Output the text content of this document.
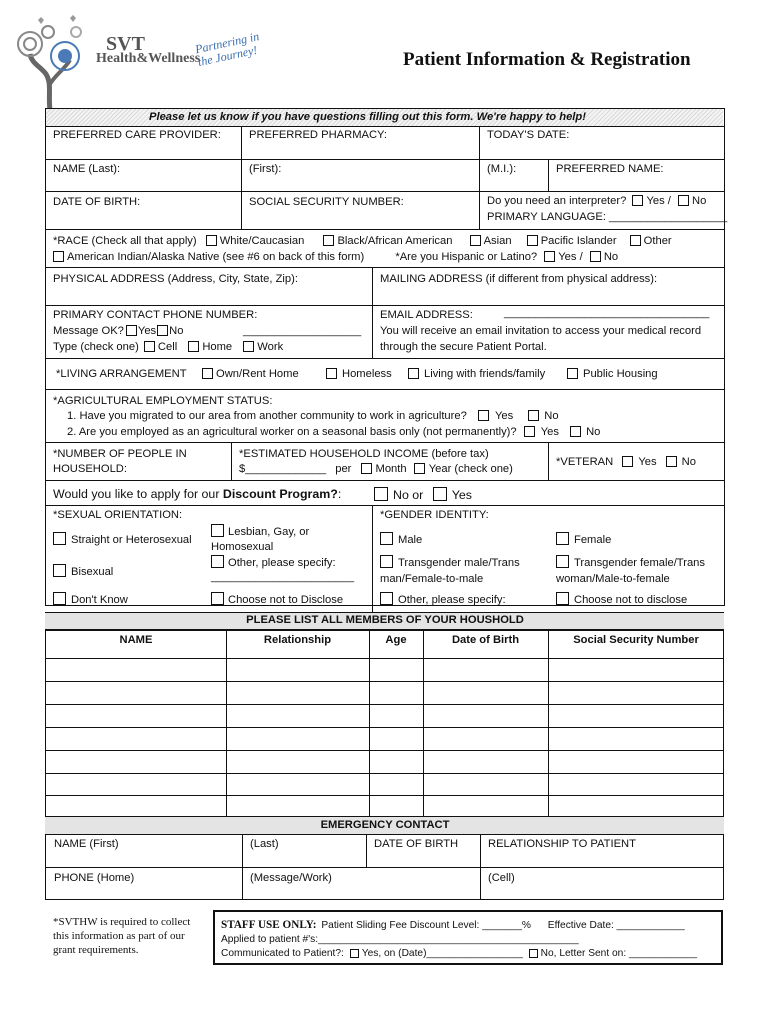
SVT
Health&Wellness
Partnering in the Journey!	Patient Information & Registration
Please let us know if you have questions filling out this form. We're happy to help!
PREFERRED CARE PROVIDER:	PREFERRED PHARMACY:	TODAY'S DATE:
NAME (Last):	(First):	(M.I.):	PREFERRED NAME:
DATE OF BIRTH:	SOCIAL SECURITY NUMBER:	Do you need an interpreter? Yes / No
PRIMARY LANGUAGE: ___________________
*RACE (Check all that apply) White/Caucasian	Black/African American	Asian	Pacific Islander Other
American Indian/Alaska Native (see #6 on back of this form)	*Are you Hispanic or Latino? Yes / No
PHYSICAL ADDRESS (Address, City, State, Zip):	MAILING ADDRESS (if different from physical address):
PRIMARY CONTACT PHONE NUMBER:
___________________
Message OK? Yes No
Type (check one) Cell Home Work
EMAIL ADDRESS:	_________________________________
You will receive an email invitation to access your medical record
through the secure Patient Portal.
*LIVING ARRANGEMENT	Own/Rent Home	Homeless	Living with friends/family	Public Housing
*AGRICULTURAL EMPLOYMENT STATUS:
1. Have you migrated to our area from another community to work in agriculture?	Yes	No
2. Are you employed as an agricultural worker on a seasonal basis only (not permanently)? Yes No
*NUMBER OF PEOPLE IN
HOUSEHOLD:
*ESTIMATED HOUSEHOLD INCOME (before tax)
$_____________ per Month Year (check one)
*VETERAN Yes No
Would you like to apply for our Discount Program?:	No or Yes
*SEXUAL ORIENTATION:
Straight or Heterosexual
Lesbian, Gay, or
Homosexual
Other, please specify:
_______________________
Bisexual
Don't Know	Choose not to Disclose
*GENDER IDENTITY:
Male	Female
Transgender male/Trans
man/Female-to-male
Transgender female/Trans
woman/Male-to-female
Other, please specify:	Choose not to disclose
PLEASE LIST ALL MEMBERS OF YOUR HOUSHOLD
NAME	Relationship	Age	Date of Birth	Social Security Number
EMERGENCY CONTACT
NAME (First)	(Last)	DATE OF BIRTH	RELATIONSHIP TO PATIENT
PHONE (Home)	(Message/Work)	(Cell)
*SVTHW is required to collect
this information as part of our
grant requirements.
STAFF USE ONLY: Patient Sliding Fee Discount Level: _______% Effective Date: ____________
Applied to patient #'s:______________________________________________
Communicated to Patient?: Yes, on (Date)_________________ No, Letter Sent on: ____________
